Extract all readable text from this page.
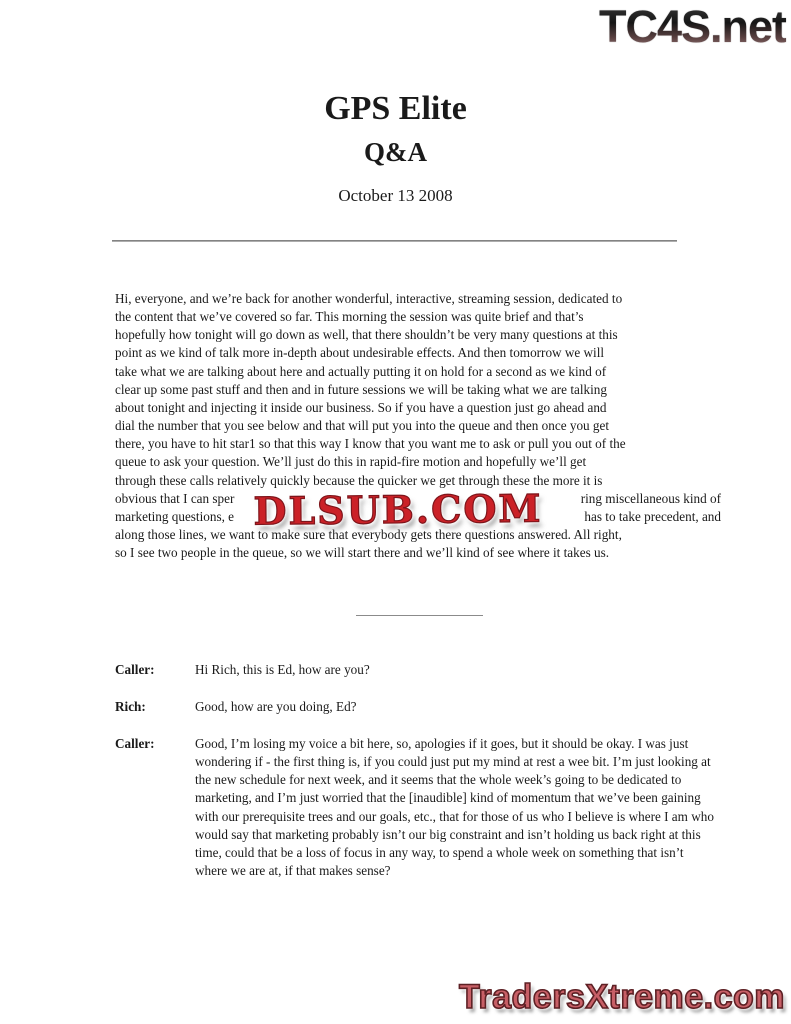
TC4S.net
GPS Elite
Q&A
October 13 2008
Hi, everyone, and we’re back for another wonderful, interactive, streaming session, dedicated to
the content that we’ve covered so far. This morning the session was quite brief and that’s
hopefully how tonight will go down as well, that there shouldn’t be very many questions at this
point as we kind of talk more in-depth about undesirable effects. And then tomorrow we will
take what we are talking about here and actually putting it on hold for a second as we kind of
clear up some past stuff and then and in future sessions we will be taking what we are talking
about tonight and injecting it inside our business. So if you have a question just go ahead and
dial the number that you see below and that will put you into the queue and then once you get
there, you have to hit star1 so that this way I know that you want me to ask or pull you out of the
queue to ask your question. We’ll just do this in rapid-fire motion and hopefully we’ll get
through these calls relatively quickly because the quicker we get through these the more it is
obvious that I can sper	ring miscellaneous kind of
marketing questions, e	has to take precedent, and
along those lines, we want to make sure that everybody gets there questions answered. All right,
so I see two people in the queue, so we will start there and we’ll kind of see where it takes us.
DLSUB.COM
Caller:	Hi Rich, this is Ed, how are you?
Rich:	Good, how are you doing, Ed?
Caller:	Good, I’m losing my voice a bit here, so, apologies if it goes, but it should be okay. I was just wondering if - the first thing is, if you could just put my mind at rest a wee bit. I’m just looking at the new schedule for next week, and it seems that the whole week’s going to be dedicated to marketing, and I’m just worried that the [inaudible] kind of momentum that we’ve been gaining with our prerequisite trees and our goals, etc., that for those of us who I believe is where I am who would say that marketing probably isn’t our big constraint and isn’t holding us back right at this time, could that be a loss of focus in any way, to spend a whole week on something that isn’t where we are at, if that makes sense?
TradersXtreme.com
